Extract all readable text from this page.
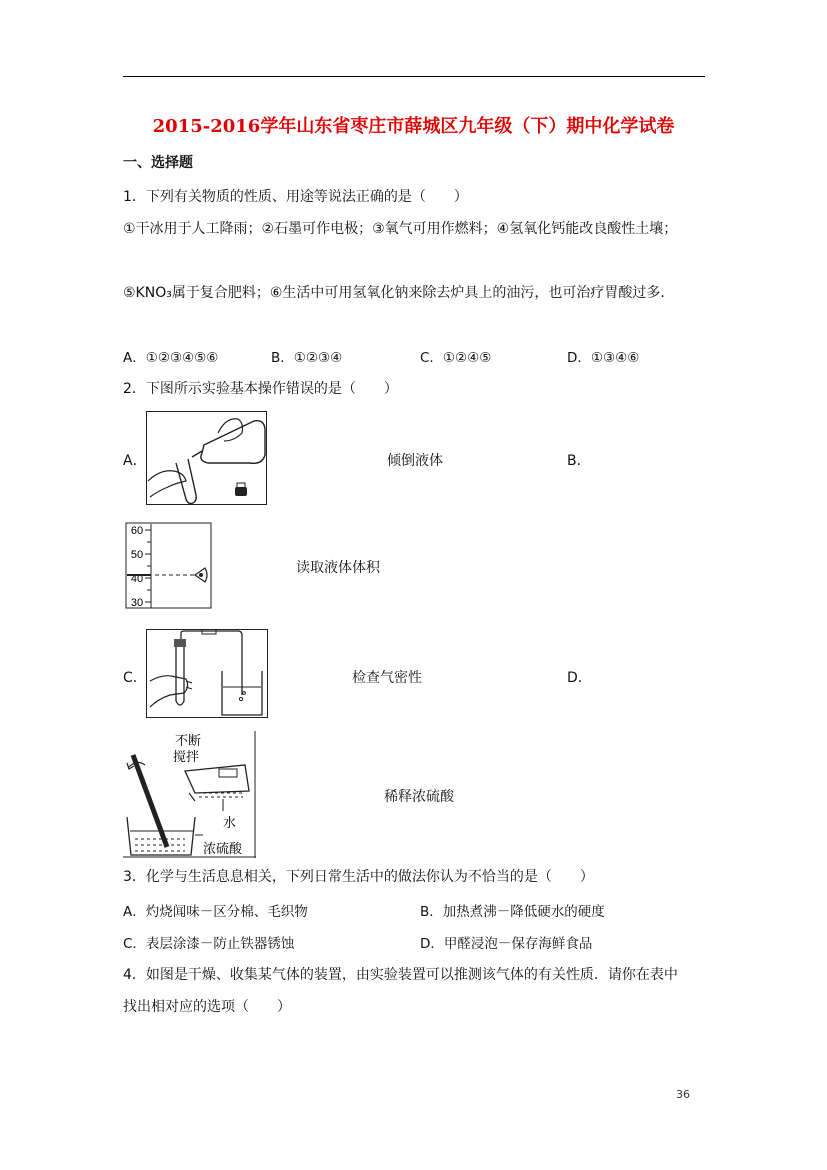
2015-2016学年山东省枣庄市薛城区九年级（下）期中化学试卷
一、选择题
1．下列有关物质的性质、用途等说法正确的是（　　）
①干冰用于人工降雨；②石墨可作电极；③氧气可用作燃料；④氢氧化钙能改良酸性土壤；
⑤KNO₃属于复合肥料；⑥生活中可用氢氧化钠来除去炉具上的油污，也可治疗胃酸过多．
A．①②③④⑤⑥	B．①②③④	C．①②④⑤	D．①③④⑥
2．下图所示实验基本操作错误的是（　　）
A．	倾倒液体	B．
60
50
40
30
读取液体体积
C．	检查气密性	D．
不断
搅拌
水
浓硫酸
稀释浓硫酸
3．化学与生活息息相关，下列日常生活中的做法你认为不恰当的是（　　）
A．灼烧闻味－区分棉、毛织物	B．加热煮沸－降低硬水的硬度
C．表层涂漆－防止铁器锈蚀	D．甲醛浸泡－保存海鲜食品
4．如图是干燥、收集某气体的装置，由实验装置可以推测该气体的有关性质．请你在表中
找出相对应的选项（　　）
36
